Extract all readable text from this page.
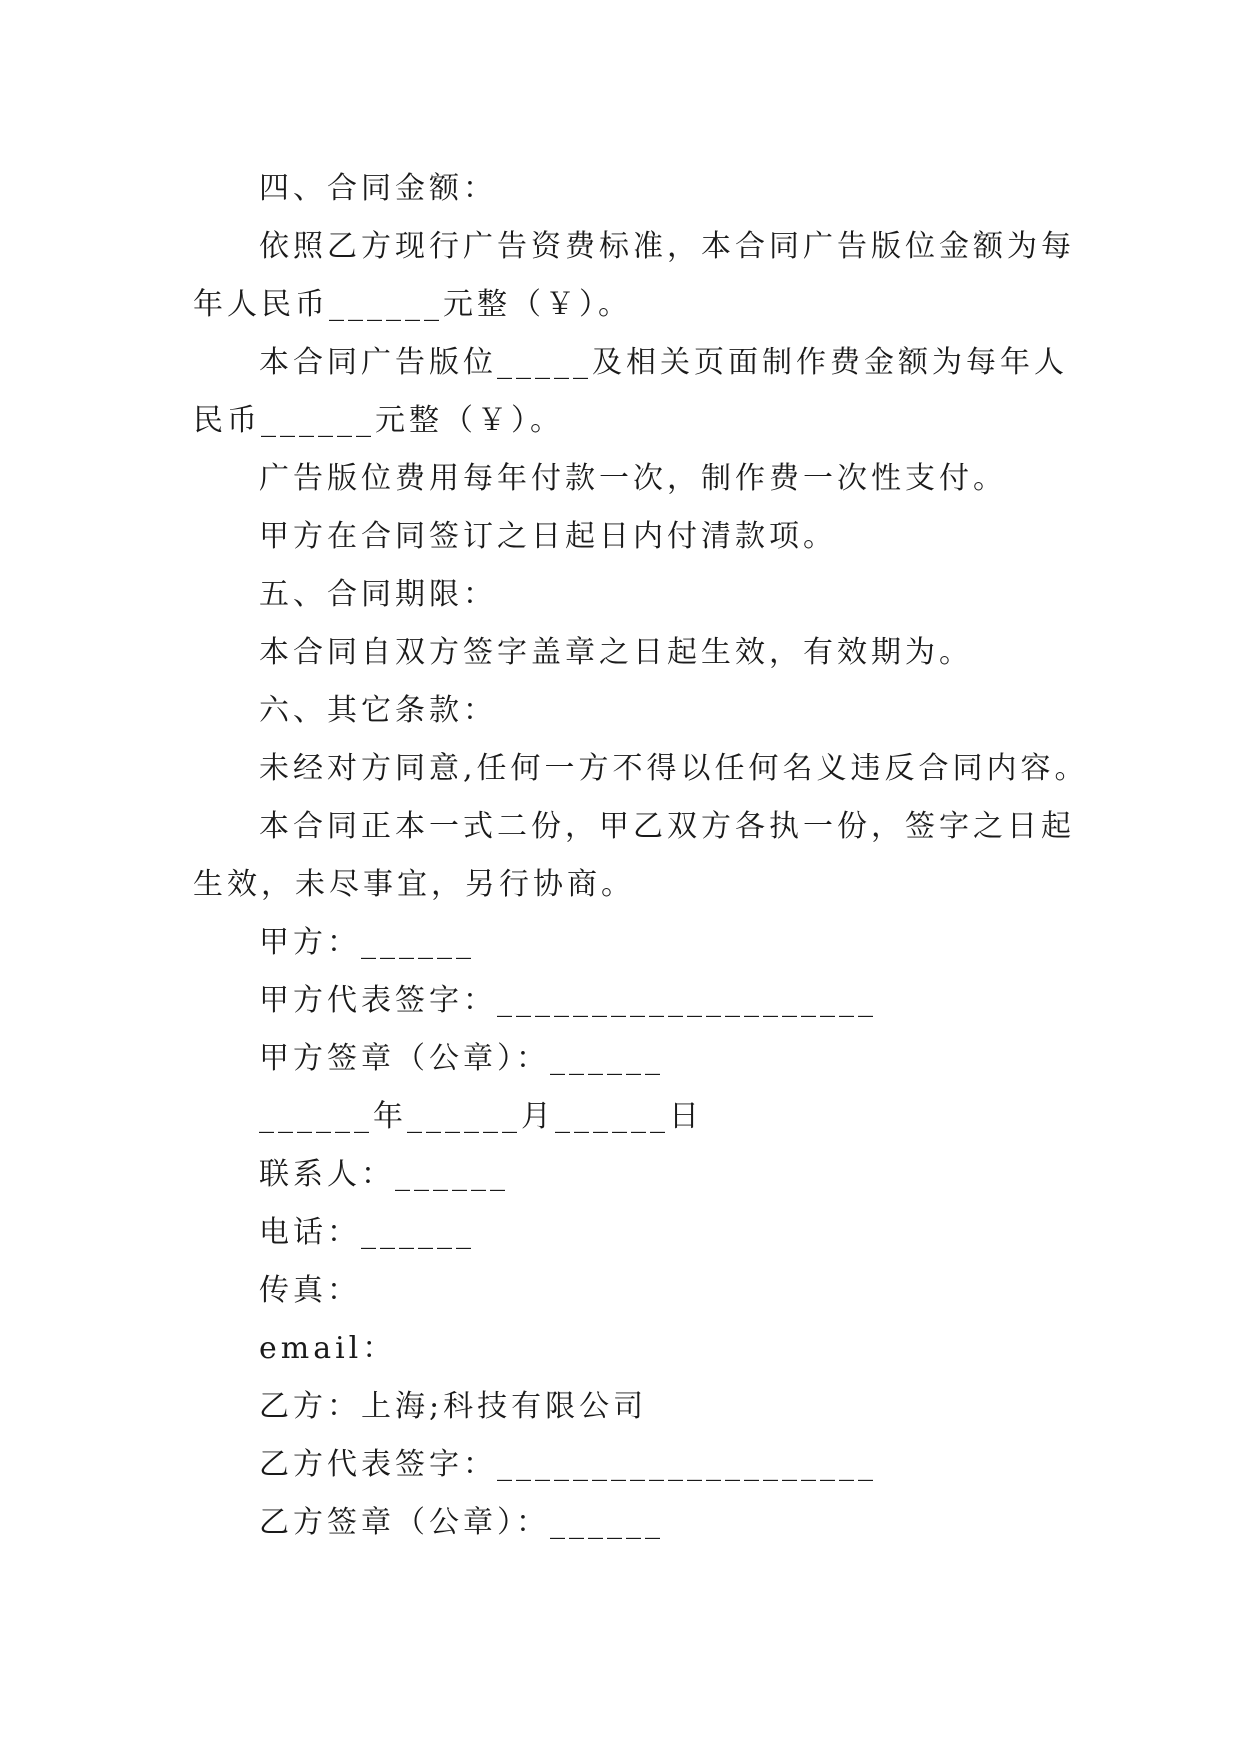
四、合同金额：
依照乙方现行广告资费标准，本合同广告版位金额为每
年人民币______元整（￥）。
本合同广告版位_____及相关页面制作费金额为每年人
民币______元整（￥）。
广告版位费用每年付款一次，制作费一次性支付。
甲方在合同签订之日起日内付清款项。
五、合同期限：
本合同自双方签字盖章之日起生效，有效期为。
六、其它条款：
未经对方同意,任何一方不得以任何名义违反合同内容。
本合同正本一式二份，甲乙双方各执一份，签字之日起
生效，未尽事宜，另行协商。
甲方：______
甲方代表签字：____________________
甲方签章（公章）：______
______年______月______日
联系人：______
电话：______
传真：
email：
乙方：上海;科技有限公司
乙方代表签字：____________________
乙方签章（公章）：______
